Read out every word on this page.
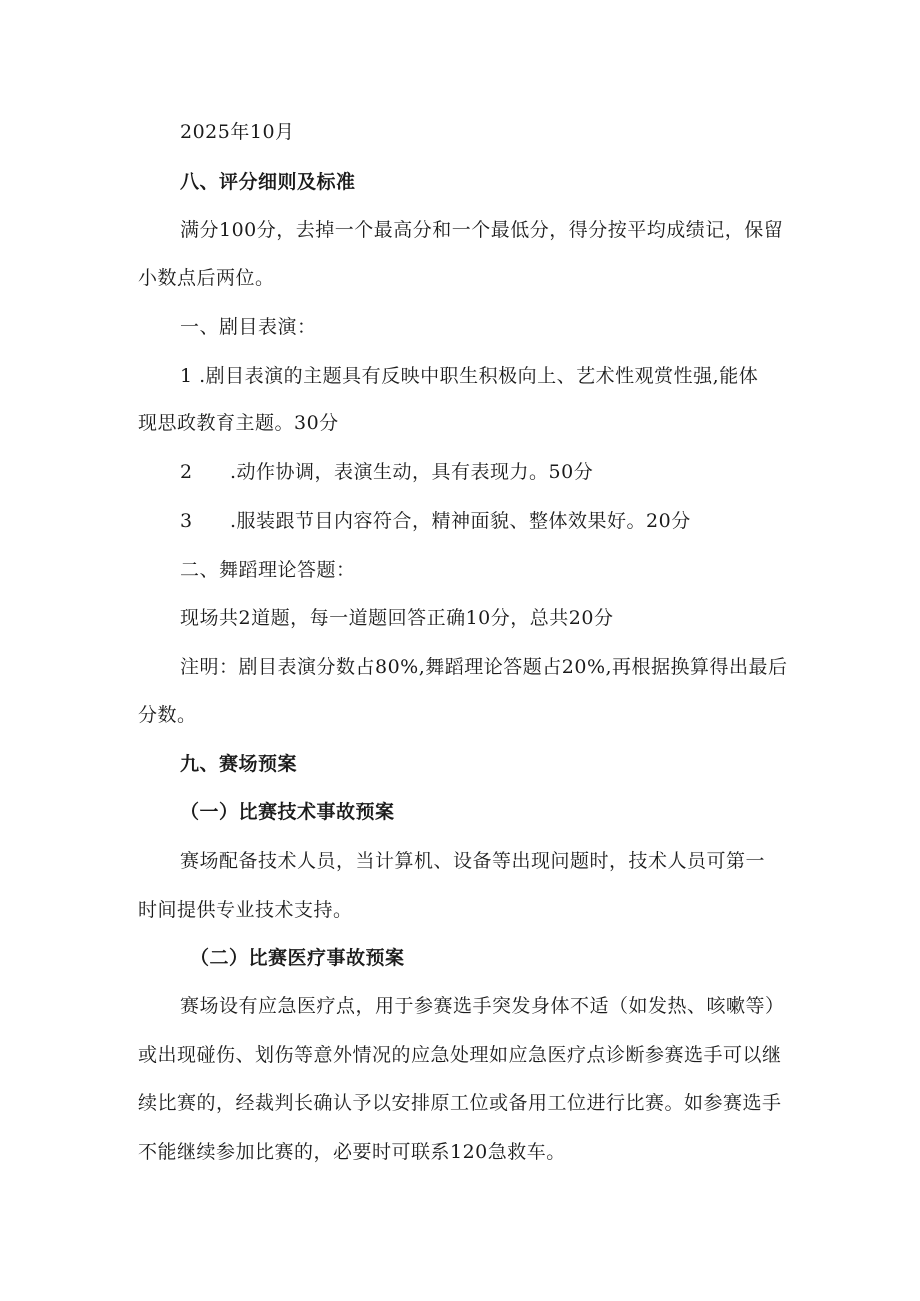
2025年10月
八、评分细则及标准
满分100分，去掉一个最高分和一个最低分，得分按平均成绩记，保留
小数点后两位。
一、剧目表演：
1 .剧目表演的主题具有反映中职生积极向上、艺术性观赏性强,能体
现思政教育主题。30分
2 .动作协调，表演生动，具有表现力。50分
3 .服装跟节目内容符合，精神面貌、整体效果好。20分
二、舞蹈理论答题：
现场共2道题，每一道题回答正确10分，总共20分
注明：剧目表演分数占80%,舞蹈理论答题占20%,再根据换算得出最后
分数。
九、赛场预案
（一）比赛技术事故预案
赛场配备技术人员，当计算机、设备等出现问题时，技术人员可第一
时间提供专业技术支持。
（二）比赛医疗事故预案
赛场设有应急医疗点，用于参赛选手突发身体不适（如发热、咳嗽等）
或出现碰伤、划伤等意外情况的应急处理如应急医疗点诊断参赛选手可以继
续比赛的，经裁判长确认予以安排原工位或备用工位进行比赛。如参赛选手
不能继续参加比赛的，必要时可联系120急救车。
